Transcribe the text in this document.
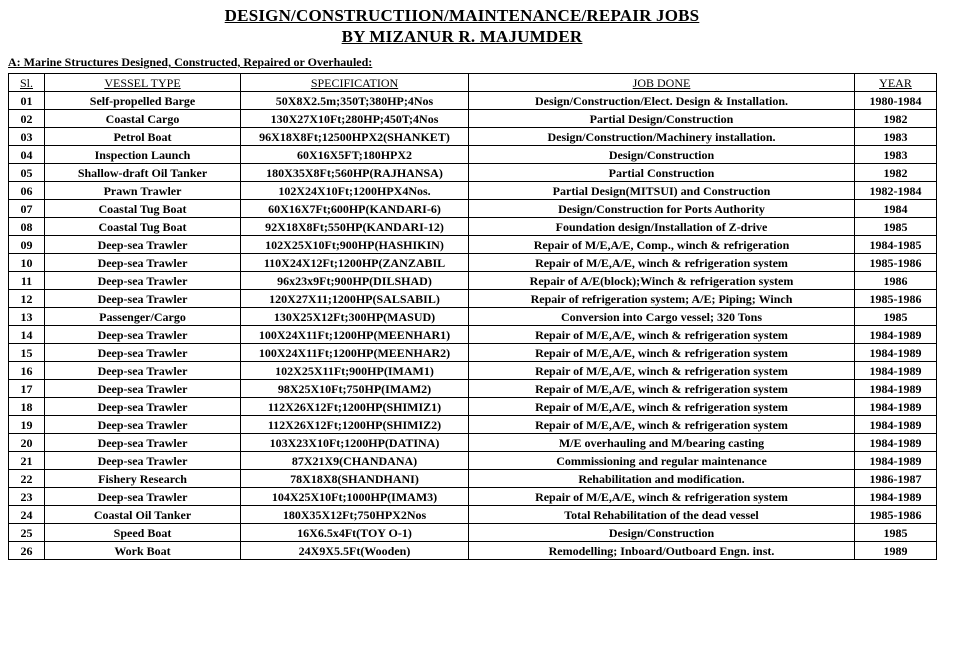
DESIGN/CONSTRUCTIION/MAINTENANCE/REPAIR JOBS
BY MIZANUR R. MAJUMDER
A: Marine Structures Designed, Constructed, Repaired or Overhauled:
Sl.	VESSEL TYPE	SPECIFICATION	JOB DONE	YEAR
01	Self-propelled Barge	50X8X2.5m;350T;380HP;4Nos	Design/Construction/Elect. Design & Installation.	1980-1984
02	Coastal Cargo	130X27X10Ft;280HP;450T;4Nos	Partial Design/Construction	1982
03	Petrol Boat	96X18X8Ft;12500HPX2(SHANKET)	Design/Construction/Machinery installation.	1983
04	Inspection Launch	60X16X5FT;180HPX2	Design/Construction	1983
05	Shallow-draft Oil Tanker	180X35X8Ft;560HP(RAJHANSA)	Partial Construction	1982
06	Prawn Trawler	102X24X10Ft;1200HPX4Nos.	Partial Design(MITSUI) and Construction	1982-1984
07	Coastal Tug Boat	60X16X7Ft;600HP(KANDARI-6)	Design/Construction for Ports Authority	1984
08	Coastal Tug Boat	92X18X8Ft;550HP(KANDARI-12)	Foundation design/Installation of Z-drive	1985
09	Deep-sea Trawler	102X25X10Ft;900HP(HASHIKIN)	Repair of M/E,A/E, Comp., winch & refrigeration	1984-1985
10	Deep-sea Trawler	110X24X12Ft;1200HP(ZANZABIL	Repair of M/E,A/E, winch & refrigeration system	1985-1986
11	Deep-sea Trawler	96x23x9Ft;900HP(DILSHAD)	Repair of A/E(block);Winch & refrigeration system	1986
12	Deep-sea Trawler	120X27X11;1200HP(SALSABIL)	Repair of refrigeration system; A/E; Piping; Winch	1985-1986
13	Passenger/Cargo	130X25X12Ft;300HP(MASUD)	Conversion into Cargo vessel; 320 Tons	1985
14	Deep-sea Trawler	100X24X11Ft;1200HP(MEENHAR1)	Repair of M/E,A/E, winch & refrigeration system	1984-1989
15	Deep-sea Trawler	100X24X11Ft;1200HP(MEENHAR2)	Repair of M/E,A/E, winch & refrigeration system	1984-1989
16	Deep-sea Trawler	102X25X11Ft;900HP(IMAM1)	Repair of M/E,A/E, winch & refrigeration system	1984-1989
17	Deep-sea Trawler	98X25X10Ft;750HP(IMAM2)	Repair of M/E,A/E, winch & refrigeration system	1984-1989
18	Deep-sea Trawler	112X26X12Ft;1200HP(SHIMIZ1)	Repair of M/E,A/E, winch & refrigeration system	1984-1989
19	Deep-sea Trawler	112X26X12Ft;1200HP(SHIMIZ2)	Repair of M/E,A/E, winch & refrigeration system	1984-1989
20	Deep-sea Trawler	103X23X10Ft;1200HP(DATINA)	M/E overhauling and M/bearing casting	1984-1989
21	Deep-sea Trawler	87X21X9(CHANDANA)	Commissioning and regular maintenance	1984-1989
22	Fishery Research	78X18X8(SHANDHANI)	Rehabilitation and modification.	1986-1987
23	Deep-sea Trawler	104X25X10Ft;1000HP(IMAM3)	Repair of M/E,A/E, winch & refrigeration system	1984-1989
24	Coastal Oil Tanker	180X35X12Ft;750HPX2Nos	Total Rehabilitation of the dead vessel	1985-1986
25	Speed Boat	16X6.5x4Ft(TOY O-1)	Design/Construction	1985
26	Work Boat	24X9X5.5Ft(Wooden)	Remodelling; Inboard/Outboard Engn. inst.	1989
